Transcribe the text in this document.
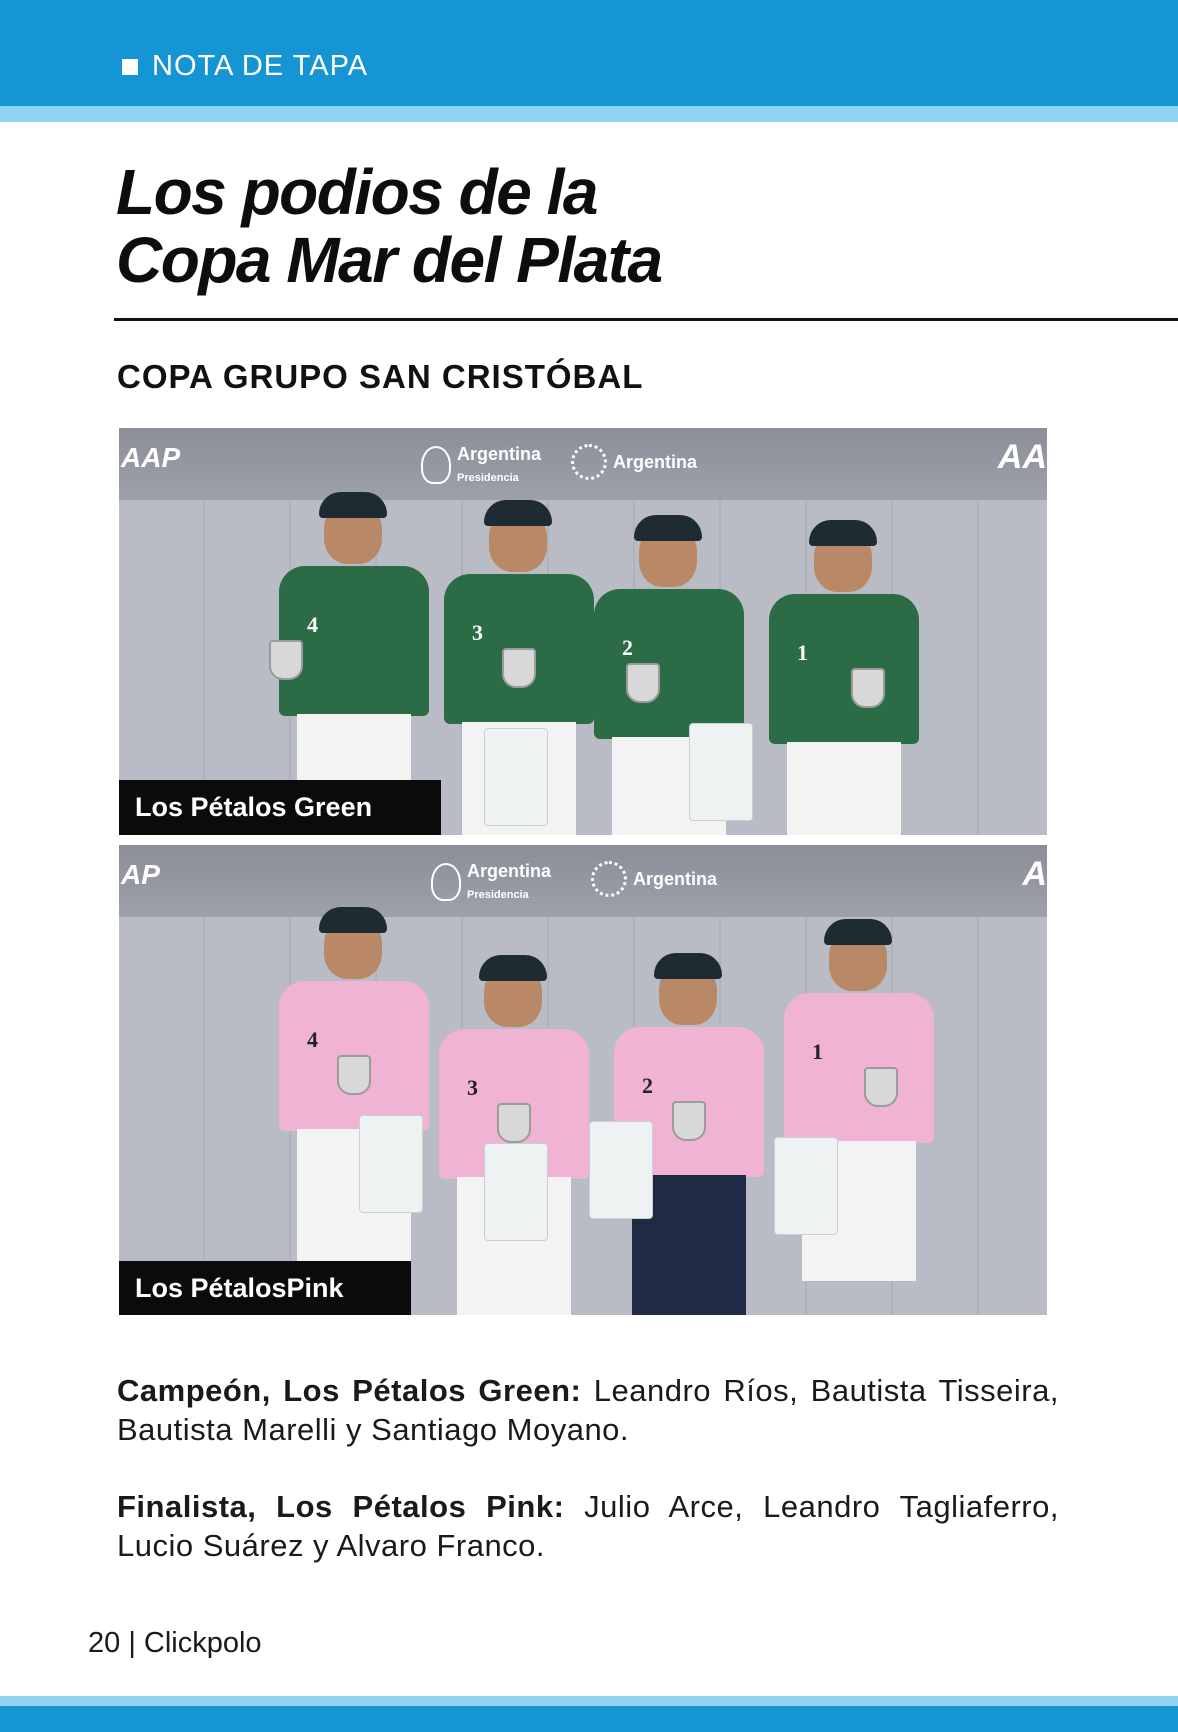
NOTA DE TAPA
Los podios de la
Copa Mar del Plata
COPA GRUPO SAN CRISTÓBAL
AAP	Argentina
Presidencia
Argentina	AA
4	3
2	1
Los Pétalos Green
AP	Argentina
Presidencia
Argentina	A
4
3	2
1
Los PétalosPink

Campeón, Los Pétalos Green: Leandro Ríos, Bautista Tisseira, Bautista Marelli y Santiago Moyano.

Finalista, Los Pétalos Pink: Julio Arce, Leandro Tagliaferro, Lucio Suárez y Alvaro Franco.

20 | Clickpolo
